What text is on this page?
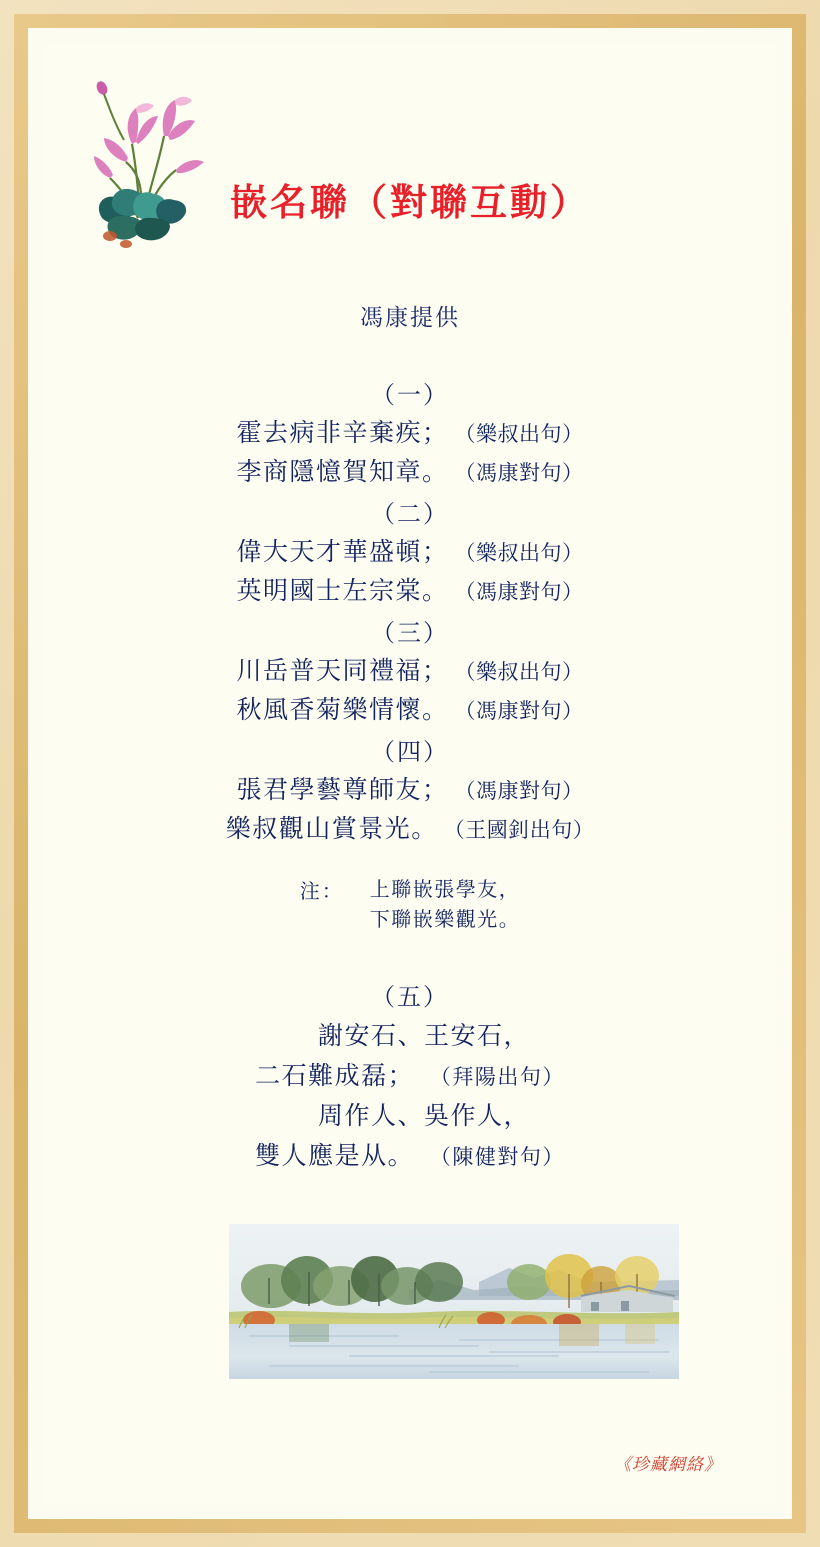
嵌名聯（對聯互動）
馮康提供
（一）
霍去病非辛棄疾； （樂叔出句）
李商隱憶賀知章。 （馮康對句）
（二）
偉大天才華盛頓； （樂叔出句）
英明國士左宗棠。 （馮康對句）
（三）
川岳普天同禮福； （樂叔出句）
秋風香菊樂情懷。 （馮康對句）
（四）
張君學藝尊師友； （馮康對句）
樂叔觀山賞景光。 （王國釗出句）
注：	上聯嵌張學友，
下聯嵌樂觀光。
（五）
謝安石、王安石，
二石難成磊； （拜陽出句）
周作人、吳作人，
雙人應是从。 （陳健對句）
《珍藏網絡》
